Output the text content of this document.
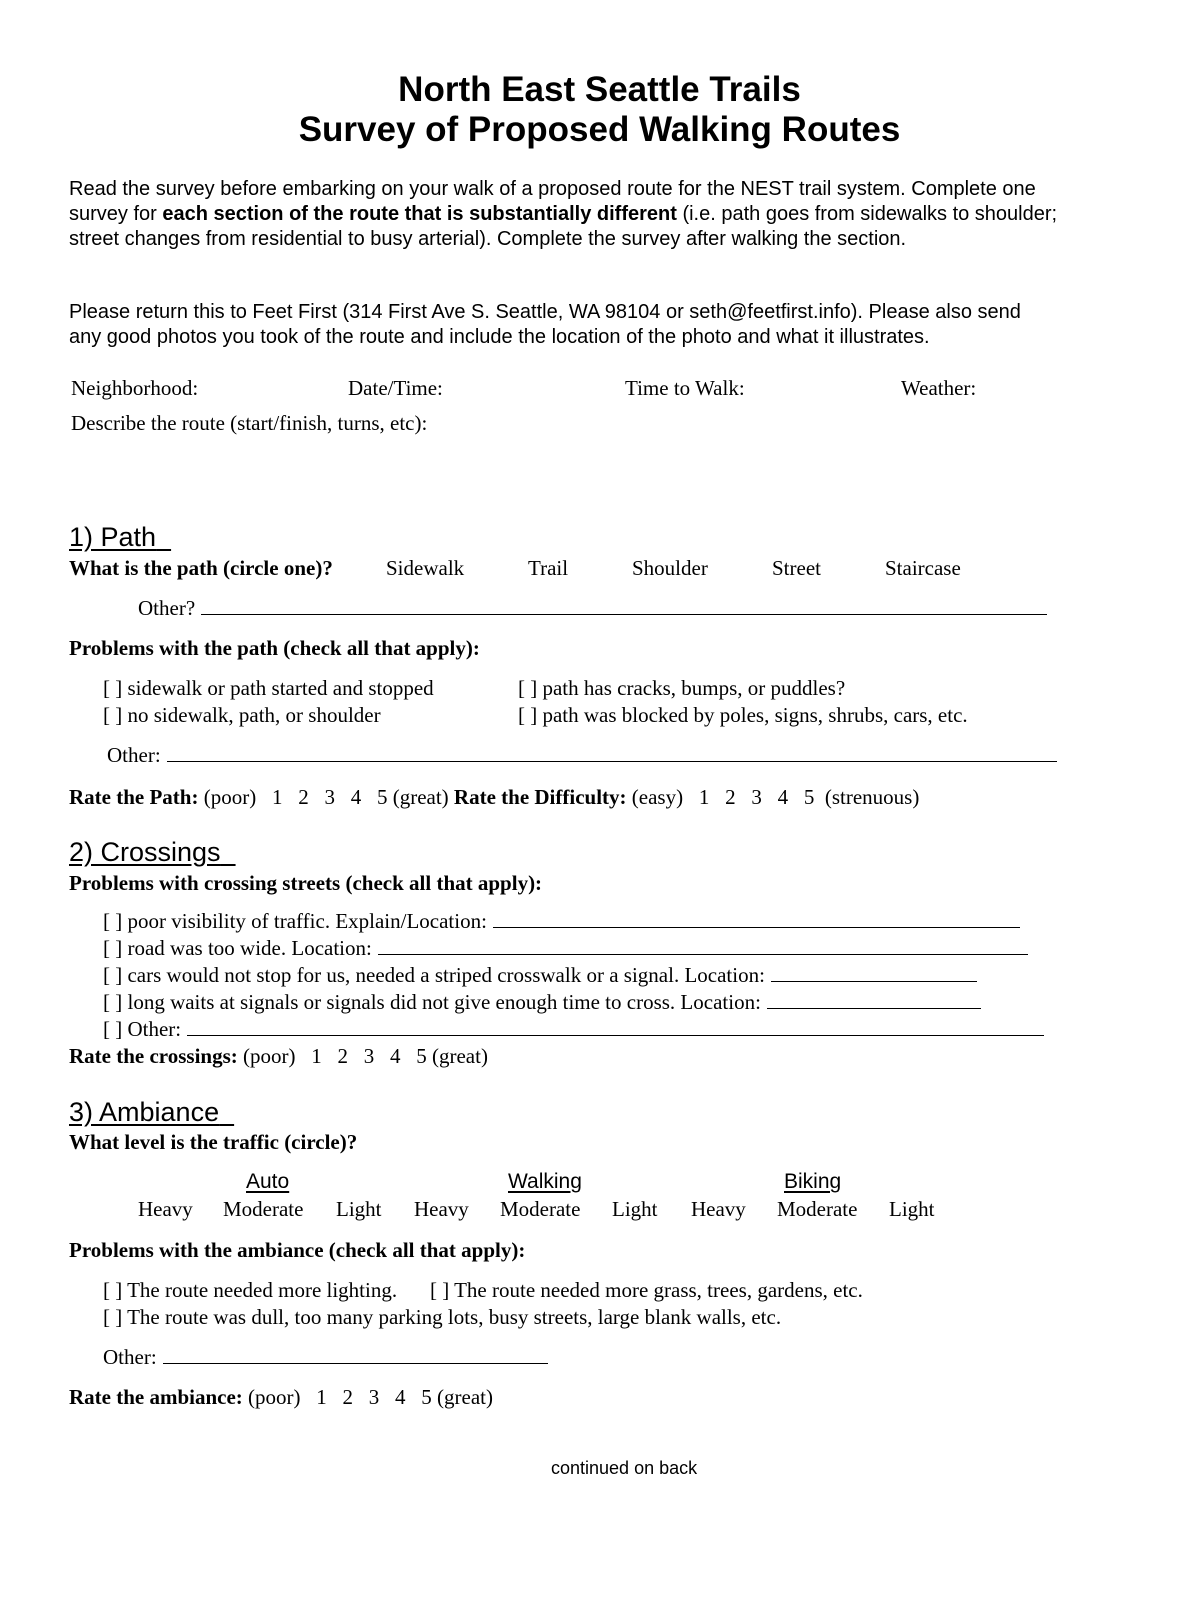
North East Seattle Trails
Survey of Proposed Walking Routes
Read the survey before embarking on your walk of a proposed route for the NEST trail system. Complete one
survey for each section of the route that is substantially different (i.e. path goes from sidewalks to shoulder;
street changes from residential to busy arterial). Complete the survey after walking the section.
Please return this to Feet First (314 First Ave S. Seattle, WA 98104 or seth@feetfirst.info). Please also send
any good photos you took of the route and include the location of the photo and what it illustrates.
Neighborhood:	Date/Time:	Time to Walk:	Weather:
Describe the route (start/finish, turns, etc):
1) Path
What is the path (circle one)?	Sidewalk	Trail	Shoulder	Street	Staircase
Other?
Problems with the path (check all that apply):
[ ] sidewalk or path started and stopped
[ ] no sidewalk, path, or shoulder
[ ] path has cracks, bumps, or puddles?
[ ] path was blocked by poles, signs, shrubs, cars, etc.
Other:
Rate the Path: (poor) 1 2 3 4 5 (great) Rate the Difficulty: (easy) 1 2 3 4 5 (strenuous)
2) Crossings
Problems with crossing streets (check all that apply):
[ ] poor visibility of traffic. Explain/Location:
[ ] road was too wide. Location:
[ ] cars would not stop for us, needed a striped crosswalk or a signal. Location:
[ ] long waits at signals or signals did not give enough time to cross. Location:
[ ] Other:
Rate the crossings: (poor) 1 2 3 4 5 (great)
3) Ambiance
What level is the traffic (circle)?
Auto	Walking	Biking
Heavy Moderate Light Heavy Moderate Light Heavy Moderate Light
Problems with the ambiance (check all that apply):
[ ] The route needed more lighting. [ ] The route needed more grass, trees, gardens, etc.
[ ] The route was dull, too many parking lots, busy streets, large blank walls, etc.
Other:
Rate the ambiance: (poor) 1 2 3 4 5 (great)
continued on back
